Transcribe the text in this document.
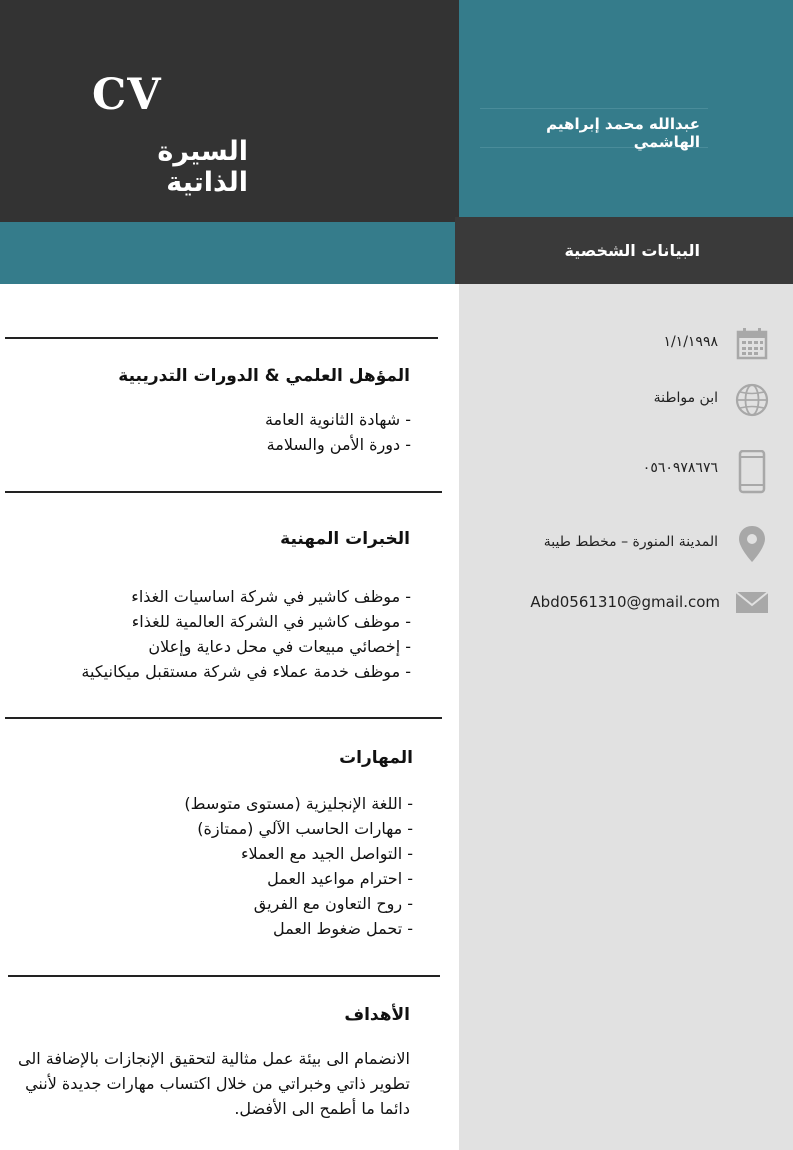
CV
السيرة الذاتية
عبدالله محمد إبراهيم الهاشمي
البيانات الشخصية
١/١/١٩٩٨
ابن مواطنة
٠٥٦٠٩٧٨٦٧٦
المدينة المنورة – مخطط طيبة
Abd0561310@gmail.com
المؤهل العلمي & الدورات التدريبية
- شهادة الثانوية العامة
- دورة الأمن والسلامة
الخبرات المهنية
- موظف كاشير في شركة اساسيات الغذاء
- موظف كاشير في الشركة العالمية للغذاء
- إخصائي مبيعات في محل دعاية وإعلان
- موظف خدمة عملاء في شركة مستقبل ميكانيكية
المهارات
- اللغة الإنجليزية (مستوى متوسط)
- مهارات الحاسب الآلي (ممتازة)
- التواصل الجيد مع العملاء
- احترام مواعيد العمل
- روح التعاون مع الفريق
- تحمل ضغوط العمل
الأهداف
الانضمام الى بيئة عمل مثالية لتحقيق الإنجازات بالإضافة الى تطوير ذاتي وخبراتي من خلال اكتساب مهارات جديدة لأنني دائما ما أطمح الى الأفضل.
